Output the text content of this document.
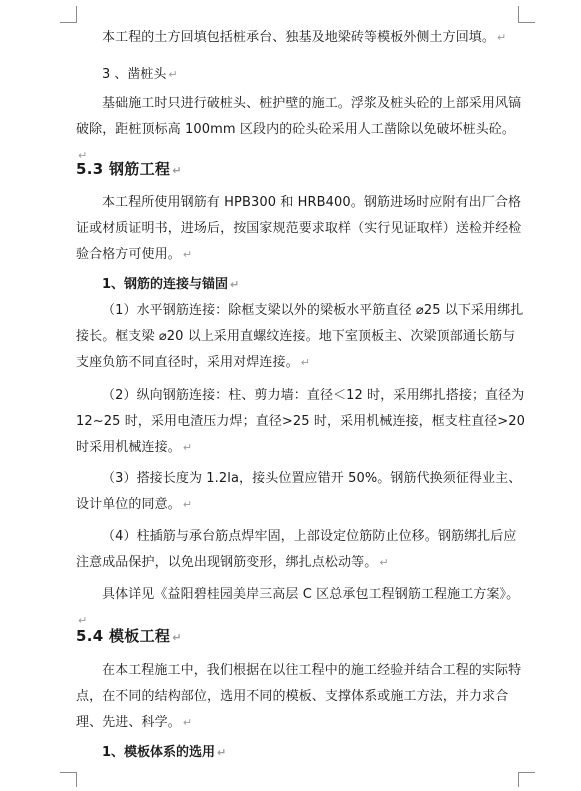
本工程的土方回填包括桩承台、独基及地梁砖等模板外侧土方回填。 ↵

3 、凿桩头 ↵

基础施工时只进行破桩头、桩护壁的施工。浮浆及桩头砼的上部采用风镐破除，距桩顶标高 100mm 区段内的砼头砼采用人工凿除以免破坏桩头砼。↵

5.3 钢筋工程 ↵

本工程所使用钢筋有 HPB300 和 HRB400。钢筋进场时应附有出厂合格证或材质证明书，进场后，按国家规范要求取样（实行见证取样）送检并经检验合格方可使用。 ↵

1、钢筋的连接与锚固 ↵

（1）水平钢筋连接：除框支梁以外的梁板水平筋直径 ⌀25 以下采用绑扎接长。框支梁 ⌀20 以上采用直螺纹连接。地下室顶板主、次梁顶部通长筋与支座负筋不同直径时，采用对焊连接。 ↵

（2）纵向钢筋连接：柱、剪力墙：直径＜12 时，采用绑扎搭接；直径为 12~25 时，采用电渣压力焊；直径>25 时，采用机械连接，框支柱直径>20 时采用机械连接。 ↵

（3）搭接长度为 1.2la，接头位置应错开 50%。钢筋代换须征得业主、设计单位的同意。 ↵

（4）柱插筋与承台筋点焊牢固，上部设定位筋防止位移。钢筋绑扎后应注意成品保护，以免出现钢筋变形，绑扎点松动等。 ↵

具体详见《益阳碧桂园美岸三高层 C 区总承包工程钢筋工程施工方案》。↵

5.4 模板工程 ↵

在本工程施工中，我们根据在以往工程中的施工经验并结合工程的实际特点，在不同的结构部位，选用不同的模板、支撑体系或施工方法，并力求合理、先进、科学。 ↵

1、模板体系的选用 ↵
